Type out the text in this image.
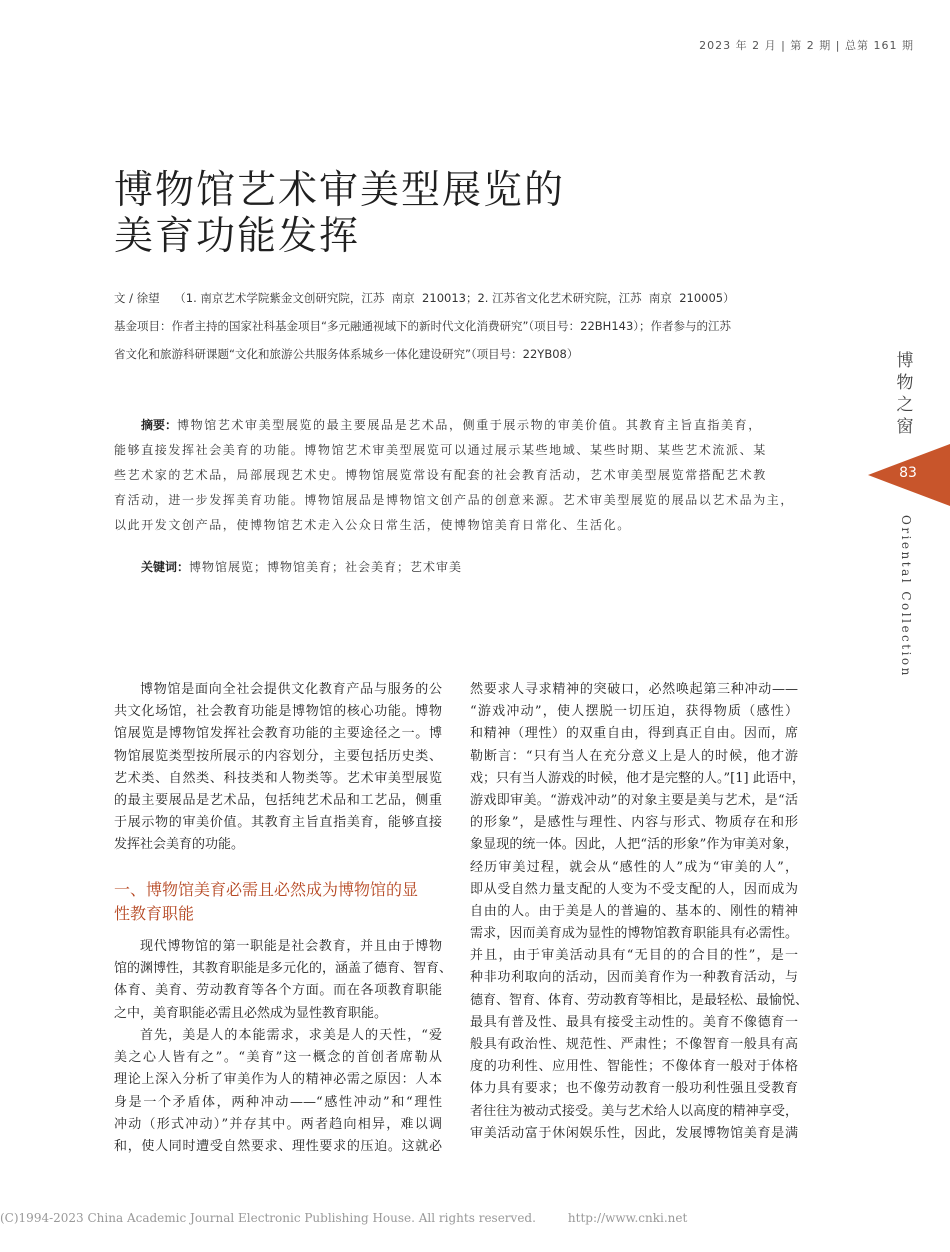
2023 年 2 月 | 第 2 期 | 总第 161 期
博物馆艺术审美型展览的
美育功能发挥
文 / 徐望    （1. 南京艺术学院紫金文创研究院，江苏  南京  210013；2. 江苏省文化艺术研究院，江苏  南京  210005）
基金项目：作者主持的国家社科基金项目“多元融通视域下的新时代文化消费研究”（项目号：22BH143）；作者参与的江苏
省文化和旅游科研课题“文化和旅游公共服务体系城乡一体化建设研究”（项目号：22YB08）
摘要：博物馆艺术审美型展览的最主要展品是艺术品，侧重于展示物的审美价值。其教育主旨直指美育，
能够直接发挥社会美育的功能。博物馆艺术审美型展览可以通过展示某些地域、某些时期、某些艺术流派、某
些艺术家的艺术品，局部展现艺术史。博物馆展览常设有配套的社会教育活动，艺术审美型展览常搭配艺术教
育活动，进一步发挥美育功能。博物馆展品是博物馆文创产品的创意来源。艺术审美型展览的展品以艺术品为主，
以此开发文创产品，使博物馆艺术走入公众日常生活，使博物馆美育日常化、生活化。
关键词：博物馆展览；博物馆美育；社会美育；艺术审美
博物馆是面向全社会提供文化教育产品与服务的公
共文化场馆，社会教育功能是博物馆的核心功能。博物
馆展览是博物馆发挥社会教育功能的主要途径之一。博
物馆展览类型按所展示的内容划分，主要包括历史类、
艺术类、自然类、科技类和人物类等。艺术审美型展览
的最主要展品是艺术品，包括纯艺术品和工艺品，侧重
于展示物的审美价值。其教育主旨直指美育，能够直接
发挥社会美育的功能。
一、博物馆美育必需且必然成为博物馆的显
性教育职能
现代博物馆的第一职能是社会教育，并且由于博物
馆的渊博性，其教育职能是多元化的，涵盖了德育、智育、
体育、美育、劳动教育等各个方面。而在各项教育职能
之中，美育职能必需且必然成为显性教育职能。
首先，美是人的本能需求，求美是人的天性，“爱
美之心人皆有之”。“美育”这一概念的首创者席勒从
理论上深入分析了审美作为人的精神必需之原因：人本
身是一个矛盾体，两种冲动——“感性冲动”和“理性
冲动（形式冲动）”并存其中。两者趋向相异，难以调
和，使人同时遭受自然要求、理性要求的压迫。这就必
然要求人寻求精神的突破口，必然唤起第三种冲动——
“游戏冲动”，使人摆脱一切压迫，获得物质（感性）
和精神（理性）的双重自由，得到真正自由。因而，席
勒断言：“只有当人在充分意义上是人的时候，他才游
戏；只有当人游戏的时候，他才是完整的人。”[1] 此语中，
游戏即审美。“游戏冲动”的对象主要是美与艺术，是“活
的形象”，是感性与理性、内容与形式、物质存在和形
象显现的统一体。因此，人把“活的形象”作为审美对象，
经历审美过程，就会从“感性的人”成为“审美的人”，
即从受自然力量支配的人变为不受支配的人，因而成为
自由的人。由于美是人的普遍的、基本的、刚性的精神
需求，因而美育成为显性的博物馆教育职能具有必需性。
并且，由于审美活动具有“无目的的合目的性”，是一
种非功利取向的活动，因而美育作为一种教育活动，与
德育、智育、体育、劳动教育等相比，是最轻松、最愉悦、
最具有普及性、最具有接受主动性的。美育不像德育一
般具有政治性、规范性、严肃性；不像智育一般具有高
度的功利性、应用性、智能性；不像体育一般对于体格
体力具有要求；也不像劳动教育一般功利性强且受教育
者往往为被动式接受。美与艺术给人以高度的精神享受，
审美活动富于休闲娱乐性，因此，发展博物馆美育是满
博
物
之
窗
83
Oriental Collection
(C)1994-2023 China Academic Journal Electronic Publishing House. All rights reserved.	http://www.cnki.net
